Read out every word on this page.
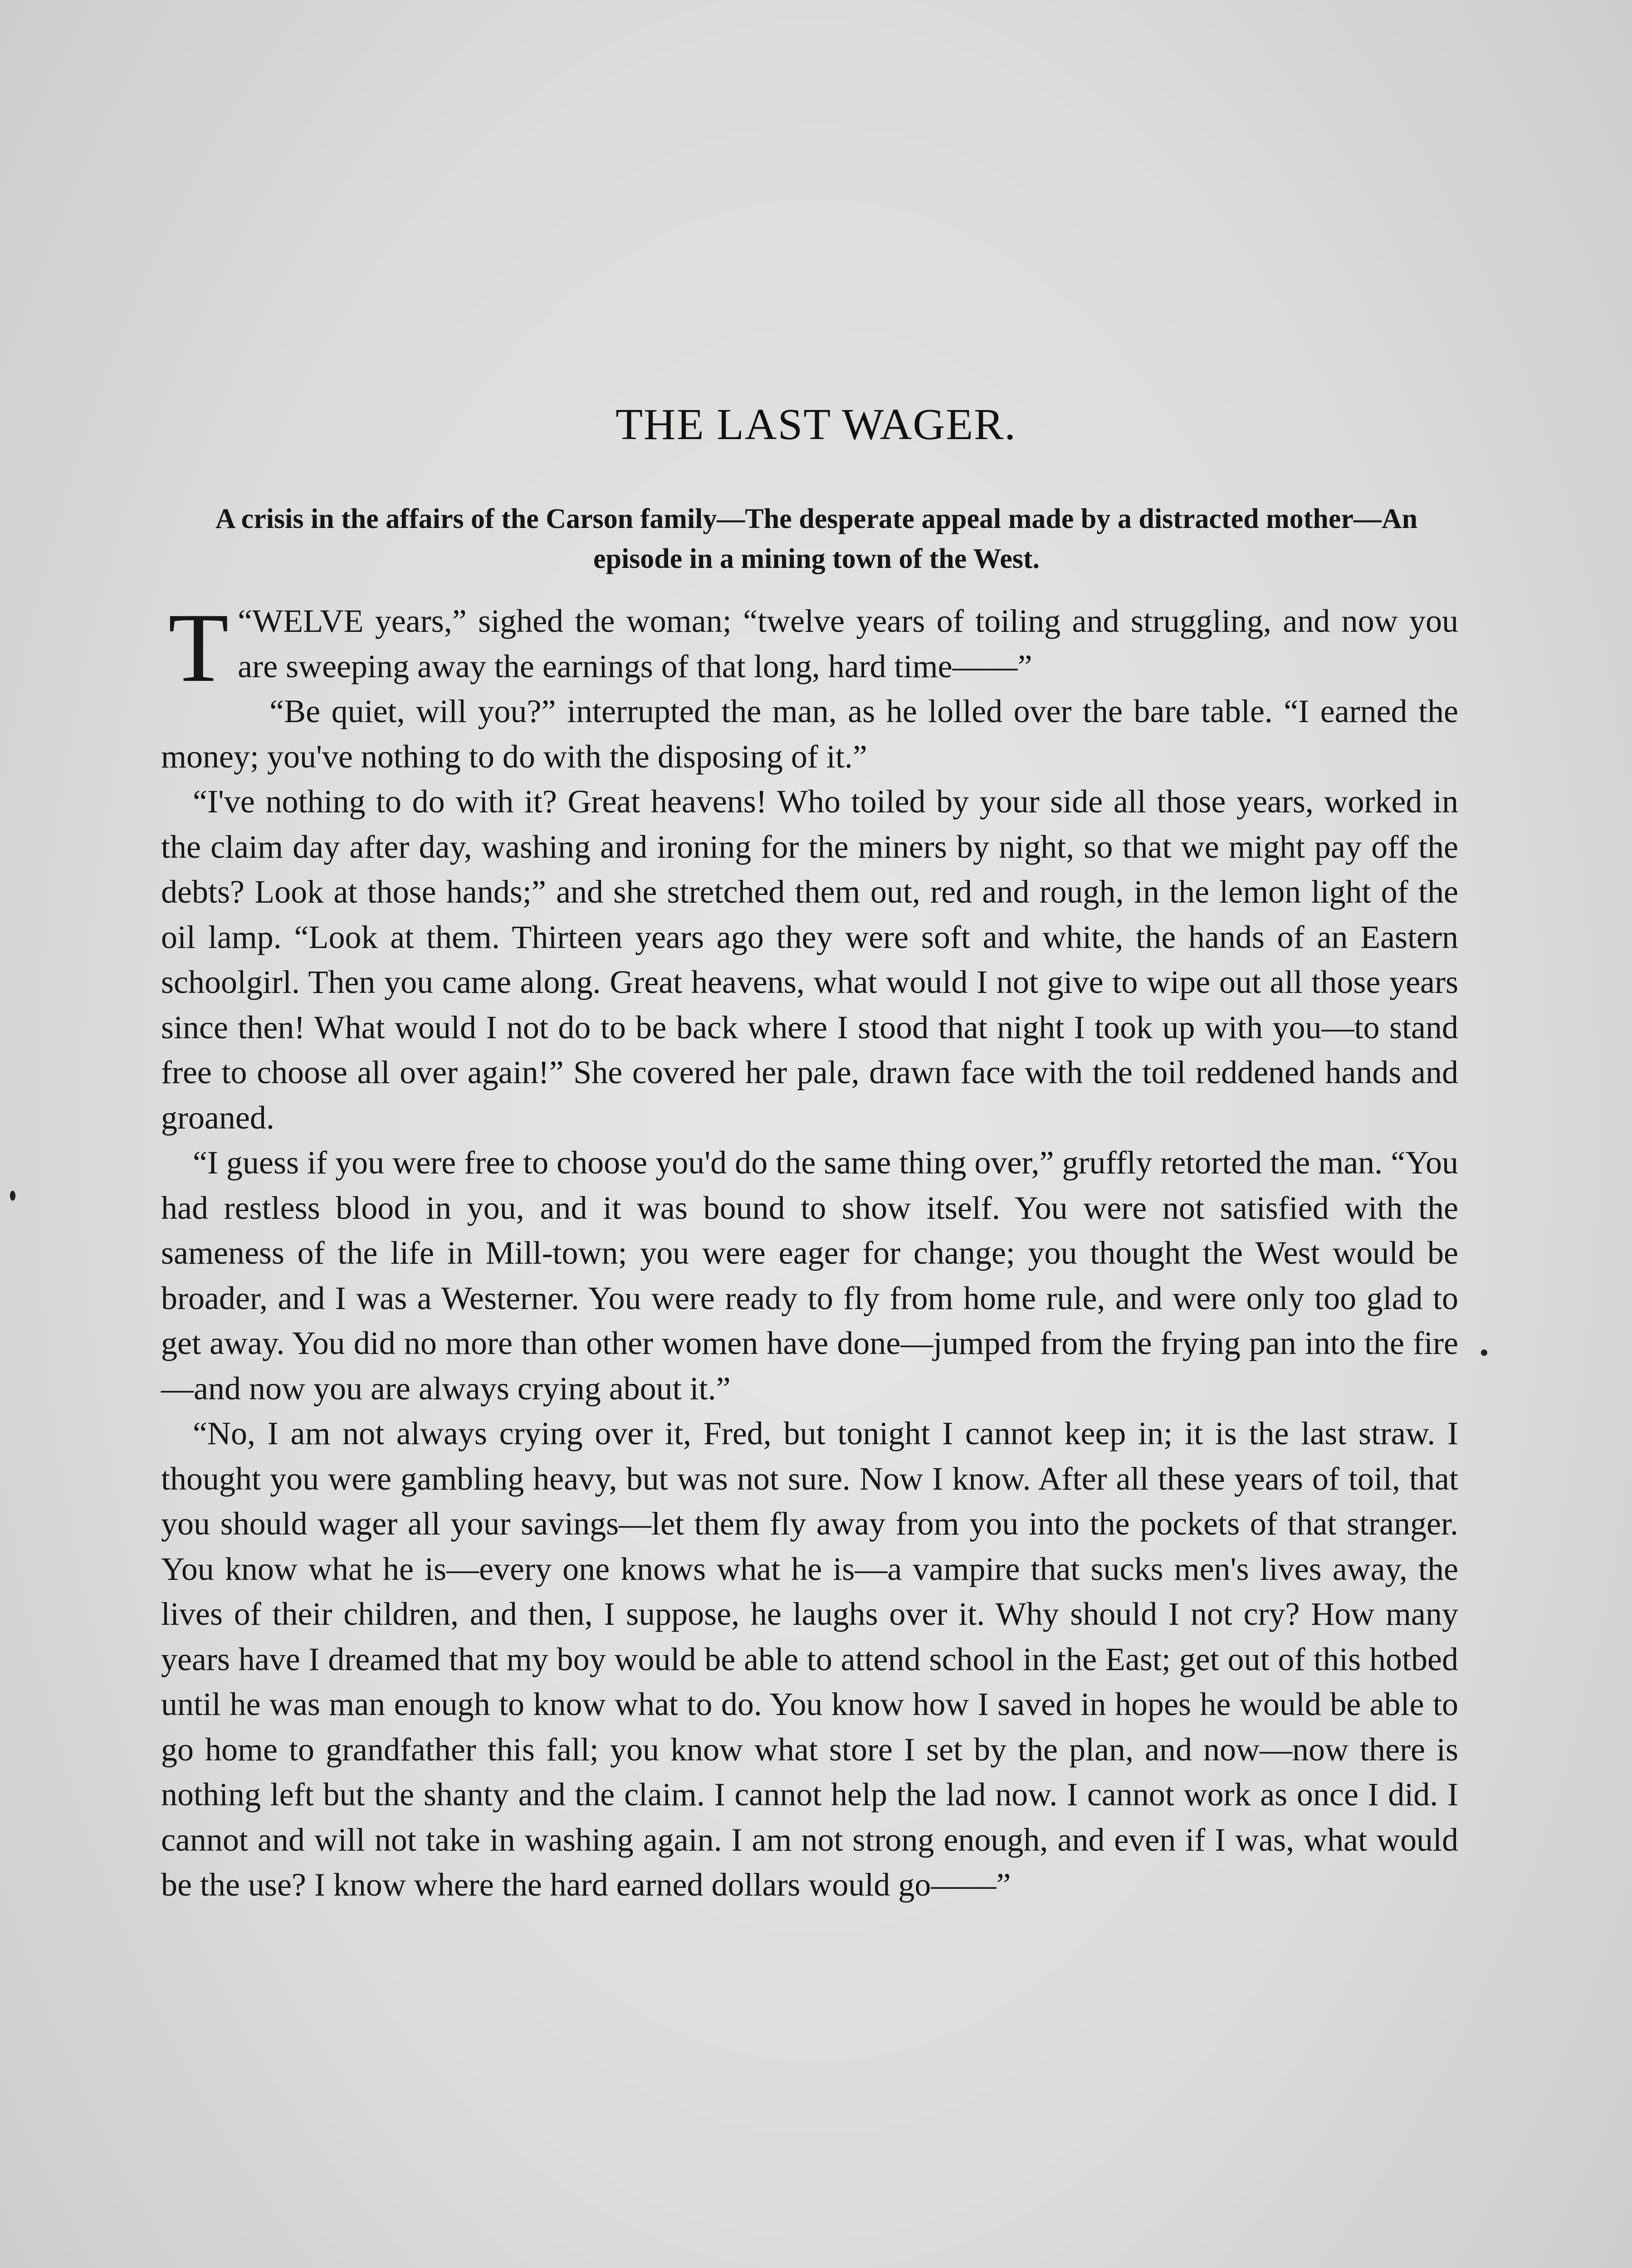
THE LAST WAGER.
A crisis in the affairs of the Carson family—The desperate appeal made by a distracted mother—An episode in a mining town of the West.

“
T WELVE years,” sighed the woman; “twelve years of toiling and struggling, and now you are sweeping away the earnings of that long, hard time——”

“Be quiet, will you?” interrupted the man, as he lolled over the bare table. “I earned the money; you've nothing to do with the disposing of it.”

“I've nothing to do with it? Great heavens! Who toiled by your side all those years, worked in the claim day after day, washing and ironing for the miners by night, so that we might pay off the debts? Look at those hands;” and she stretched them out, red and rough, in the lemon light of the oil lamp. “Look at them. Thirteen years ago they were soft and white, the hands of an Eastern schoolgirl. Then you came along. Great heavens, what would I not give to wipe out all those years since then! What would I not do to be back where I stood that night I took up with you—to stand free to choose all over again!” She covered her pale, drawn face with the toil reddened hands and groaned.

“I guess if you were free to choose you'd do the same thing over,” gruffly retorted the man. “You had restless blood in you, and it was bound to show itself. You were not satisfied with the sameness of the life in Mill-town; you were eager for change; you thought the West would be broader, and I was a Westerner. You were ready to fly from home rule, and were only too glad to get away. You did no more than other women have done—jumped from the frying pan into the fire—and now you are always crying about it.”

“No, I am not always crying over it, Fred, but tonight I cannot keep in; it is the last straw. I thought you were gambling heavy, but was not sure. Now I know. After all these years of toil, that you should wager all your savings—let them fly away from you into the pockets of that stranger. You know what he is—every one knows what he is—a vampire that sucks men's lives away, the lives of their children, and then, I suppose, he laughs over it. Why should I not cry? How many years have I dreamed that my boy would be able to attend school in the East; get out of this hotbed until he was man enough to know what to do. You know how I saved in hopes he would be able to go home to grandfather this fall; you know what store I set by the plan, and now—now there is nothing left but the shanty and the claim. I cannot help the lad now. I cannot work as once I did. I cannot and will not take in washing again. I am not strong enough, and even if I was, what would be the use? I know where the hard earned dollars would go——”
